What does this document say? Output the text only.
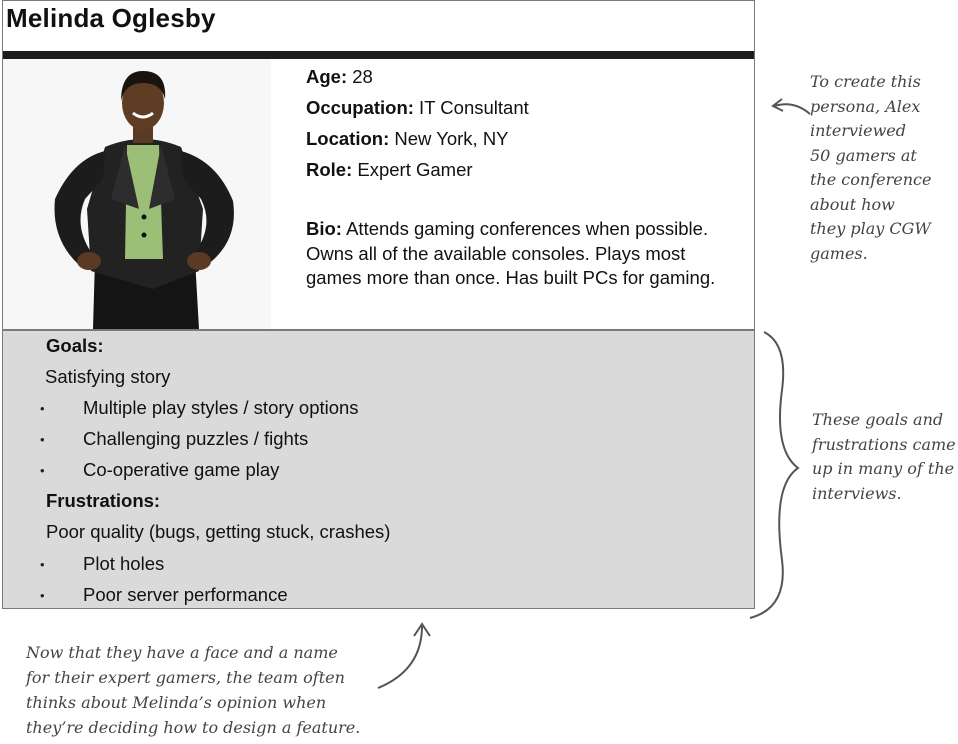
Melinda Oglesby
Age: 28
Occupation: IT Consultant
Location: New York, NY
Role: Expert Gamer
Bio: Attends gaming conferences when possible. Owns all of the available consoles. Plays most games more than once. Has built PCs for gaming.
Goals:
Satisfying story
• Multiple play styles / story options
• Challenging puzzles / fights
• Co-operative game play
Frustrations:
Poor quality (bugs, getting stuck, crashes)
• Plot holes
• Poor server performance
To create this
persona, Alex
interviewed
50 gamers at
the conference
about how
they play CGW
games.
These goals and
frustrations came
up in many of the
interviews.
Now that they have a face and a name
for their expert gamers, the team often
thinks about Melinda’s opinion when
they’re deciding how to design a feature.
